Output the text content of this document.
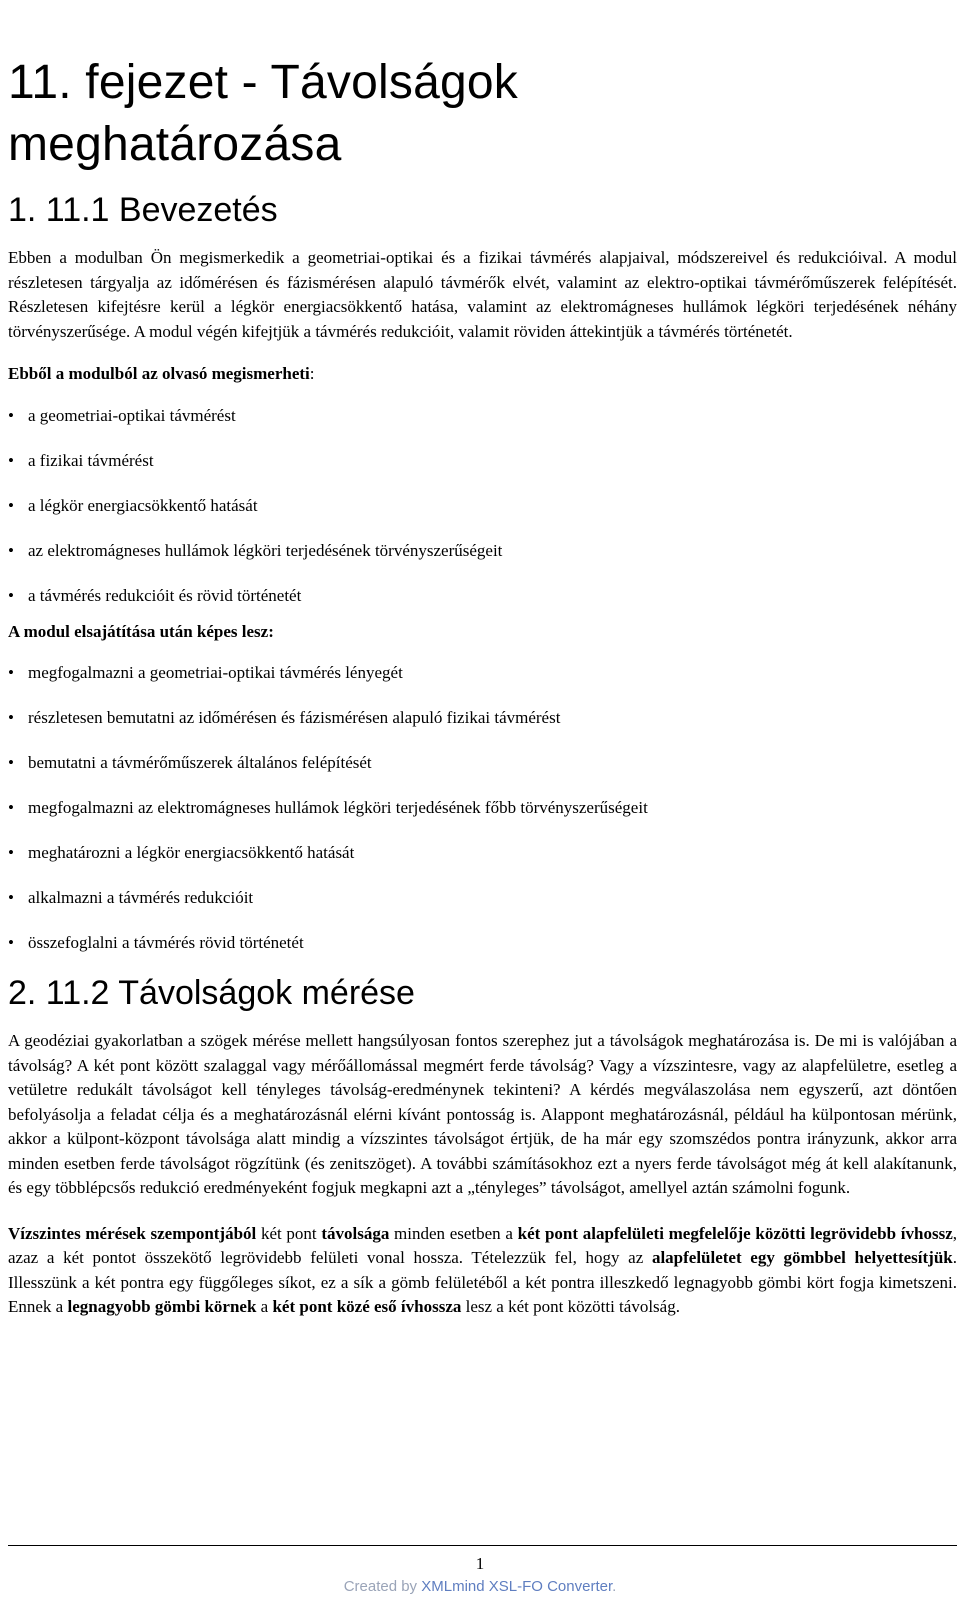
11. fejezet - Távolságok
meghatározása
1. 11.1 Bevezetés

Ebben a modulban Ön megismerkedik a geometriai-optikai és a fizikai távmérés alapjaival, módszereivel és redukcióival. A modul részletesen tárgyalja az időmérésen és fázismérésen alapuló távmérők elvét, valamint az elektro-optikai távmérőműszerek felépítését. Részletesen kifejtésre kerül a légkör energiacsökkentő hatása, valamint az elektromágneses hullámok légköri terjedésének néhány törvényszerűsége. A modul végén kifejtjük a távmérés redukcióit, valamit röviden áttekintjük a távmérés történetét.

Ebből a modulból az olvasó megismerheti:

• a geometriai-optikai távmérést
• a fizikai távmérést
• a légkör energiacsökkentő hatását
• az elektromágneses hullámok légköri terjedésének törvényszerűségeit
• a távmérés redukcióit és rövid történetét

A modul elsajátítása után képes lesz:

• megfogalmazni a geometriai-optikai távmérés lényegét
• részletesen bemutatni az időmérésen és fázismérésen alapuló fizikai távmérést
• bemutatni a távmérőműszerek általános felépítését
• megfogalmazni az elektromágneses hullámok légköri terjedésének főbb törvényszerűségeit
• meghatározni a légkör energiacsökkentő hatását
• alkalmazni a távmérés redukcióit
• összefoglalni a távmérés rövid történetét
2. 11.2 Távolságok mérése

A geodéziai gyakorlatban a szögek mérése mellett hangsúlyosan fontos szerephez jut a távolságok meghatározása is. De mi is valójában a távolság? A két pont között szalaggal vagy mérőállomással megmért ferde távolság? Vagy a vízszintesre, vagy az alapfelületre, esetleg a vetületre redukált távolságot kell tényleges távolság-eredménynek tekinteni? A kérdés megválaszolása nem egyszerű, azt döntően befolyásolja a feladat célja és a meghatározásnál elérni kívánt pontosság is. Alappont meghatározásnál, például ha külpontosan mérünk, akkor a külpont-központ távolsága alatt mindig a vízszintes távolságot értjük, de ha már egy szomszédos pontra irányzunk, akkor arra minden esetben ferde távolságot rögzítünk (és zenitszöget). A további számításokhoz ezt a nyers ferde távolságot még át kell alakítanunk, és egy többlépcsős redukció eredményeként fogjuk megkapni azt a „tényleges” távolságot, amellyel aztán számolni fogunk.

Vízszintes mérések szempontjából két pont távolsága minden esetben a két pont alapfelületi megfelelője közötti legrövidebb ívhossz, azaz a két pontot összekötő legrövidebb felületi vonal hossza. Tételezzük fel, hogy az alapfelületet egy gömbbel helyettesítjük. Illesszünk a két pontra egy függőleges síkot, ez a sík a gömb felületéből a két pontra illeszkedő legnagyobb gömbi kört fogja kimetszeni. Ennek a legnagyobb gömbi körnek a két pont közé eső ívhossza lesz a két pont közötti távolság.

1
Created by XMLmind XSL-FO Converter.
